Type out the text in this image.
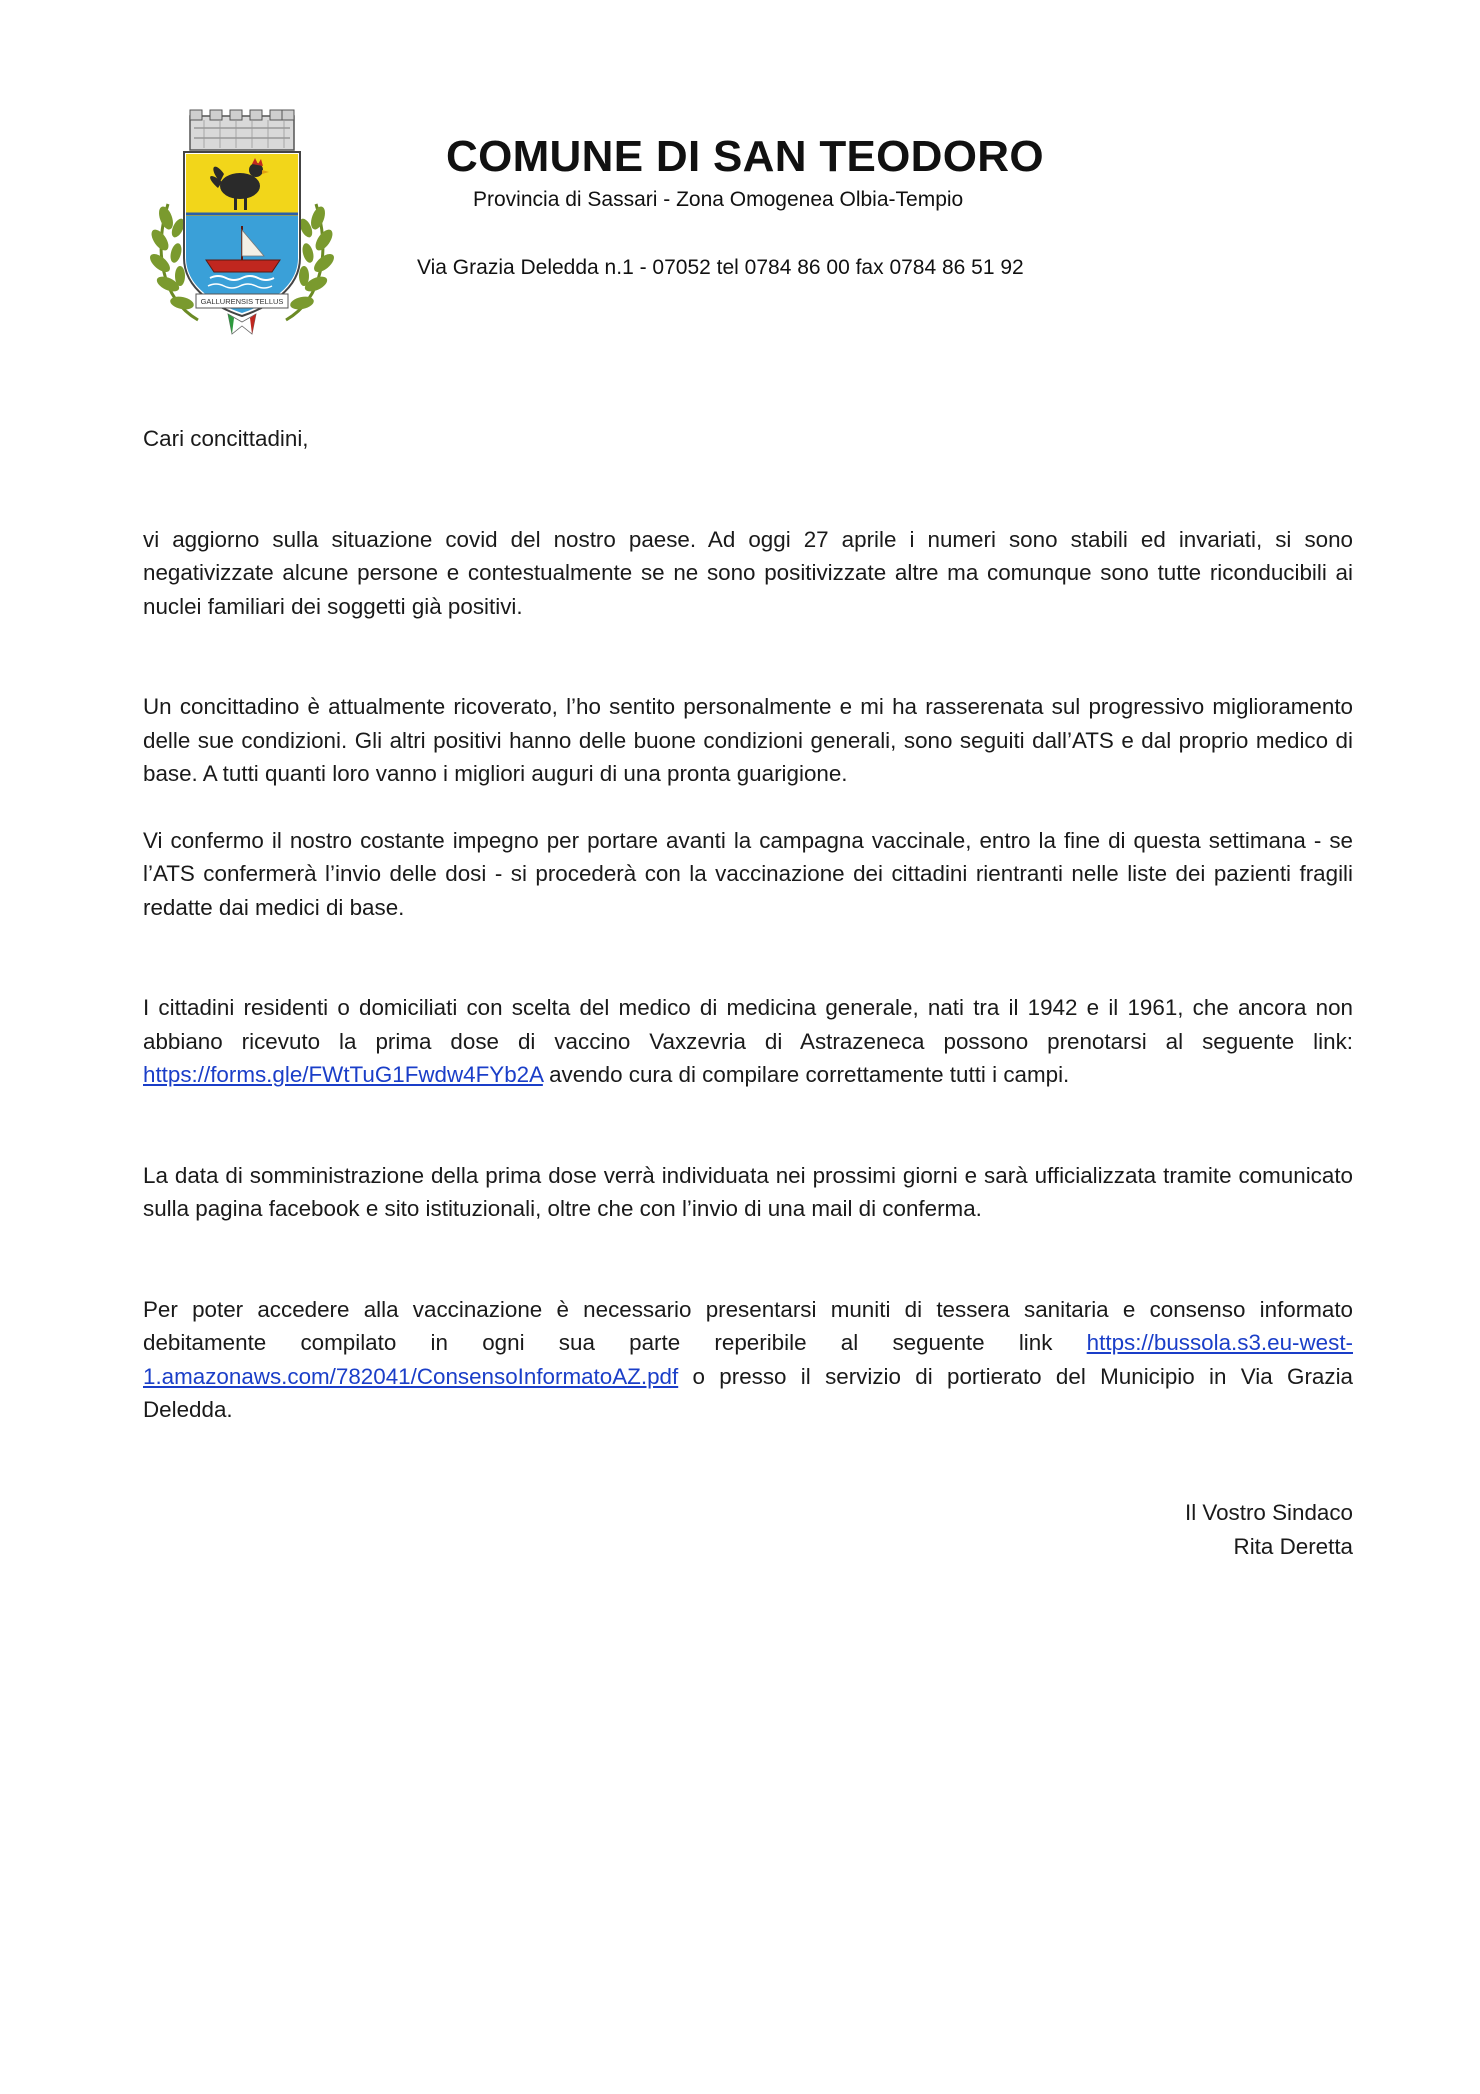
GALLURENSIS TELLUS
COMUNE DI SAN TEODORO
Provincia di Sassari - Zona Omogenea Olbia-Tempio
Via Grazia Deledda n.1 - 07052 tel 0784 86 00 fax 0784 86 51 92

Cari concittadini,

vi aggiorno sulla situazione covid del nostro paese. Ad oggi 27 aprile i numeri sono stabili ed invariati, si sono negativizzate alcune persone e contestualmente se ne sono positivizzate altre ma comunque sono tutte riconducibili ai nuclei familiari dei soggetti già positivi.

Un concittadino è attualmente ricoverato, l’ho sentito personalmente e mi ha rasserenata sul progressivo miglioramento delle sue condizioni. Gli altri positivi hanno delle buone condizioni generali, sono seguiti dall’ATS e dal proprio medico di base. A tutti quanti loro vanno i migliori auguri di una pronta guarigione.

Vi confermo il nostro costante impegno per portare avanti la campagna vaccinale, entro la fine di questa settimana - se l’ATS confermerà l’invio delle dosi - si procederà con la vaccinazione dei cittadini rientranti nelle liste dei pazienti fragili redatte dai medici di base.

I cittadini residenti o domiciliati con scelta del medico di medicina generale, nati tra il 1942 e il 1961, che ancora non abbiano ricevuto la prima dose di vaccino Vaxzevria di Astrazeneca possono prenotarsi al seguente link: https://forms.gle/FWtTuG1Fwdw4FYb2A avendo cura di compilare correttamente tutti i campi.

La data di somministrazione della prima dose verrà individuata nei prossimi giorni e sarà ufficializzata tramite comunicato sulla pagina facebook e sito istituzionali, oltre che con l’invio di una mail di conferma.

Per poter accedere alla vaccinazione è necessario presentarsi muniti di tessera sanitaria e consenso informato debitamente compilato in ogni sua parte reperibile al seguente link https://bussola.s3.eu-west-1.amazonaws.com/782041/ConsensoInformatoAZ.pdf o presso il servizio di portierato del Municipio in Via Grazia Deledda.

Il Vostro Sindaco
Rita Deretta
